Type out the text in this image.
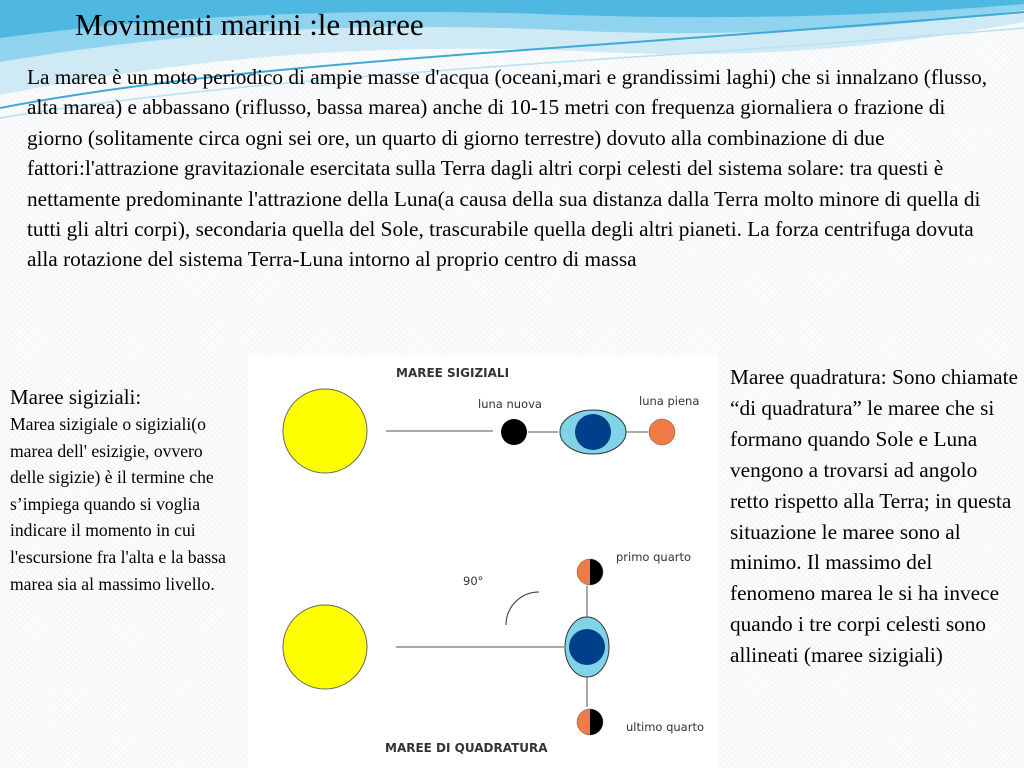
Movimenti marini :le maree

La marea è un moto periodico di ampie masse d'acqua (oceani,mari e grandissimi laghi) che si innalzano (flusso, alta marea) e abbassano (riflusso, bassa marea) anche di 10-15 metri con frequenza giornaliera o frazione di giorno (solitamente circa ogni sei ore, un quarto di giorno terrestre) dovuto alla combinazione di due fattori:l'attrazione gravitazionale esercitata sulla Terra dagli altri corpi celesti del sistema solare: tra questi è nettamente predominante l'attrazione della Luna(a causa della sua distanza dalla Terra molto minore di quella di tutti gli altri corpi), secondaria quella del Sole, trascurabile quella degli altri pianeti. La forza centrifuga dovuta alla rotazione del sistema Terra-Luna intorno al proprio centro di massa

Maree sigiziali:

Marea sizigiale o sigiziali(o marea dell' esizigie, ovvero delle sigizie) è il termine che s’impiega quando si voglia indicare il momento in cui l'escursione fra l'alta e la bassa marea sia al massimo livello.

MAREE SIGIZIALI
luna nuova	luna piena
90°
primo quarto
ultimo quarto
MAREE DI QUADRATURA

Maree quadratura: Sono chiamate “di quadratura” le maree che si formano quando Sole e Luna vengono a trovarsi ad angolo retto rispetto alla Terra; in questa situazione le maree sono al minimo. Il massimo del fenomeno marea le si ha invece quando i tre corpi celesti sono allineati (maree sizigiali)
